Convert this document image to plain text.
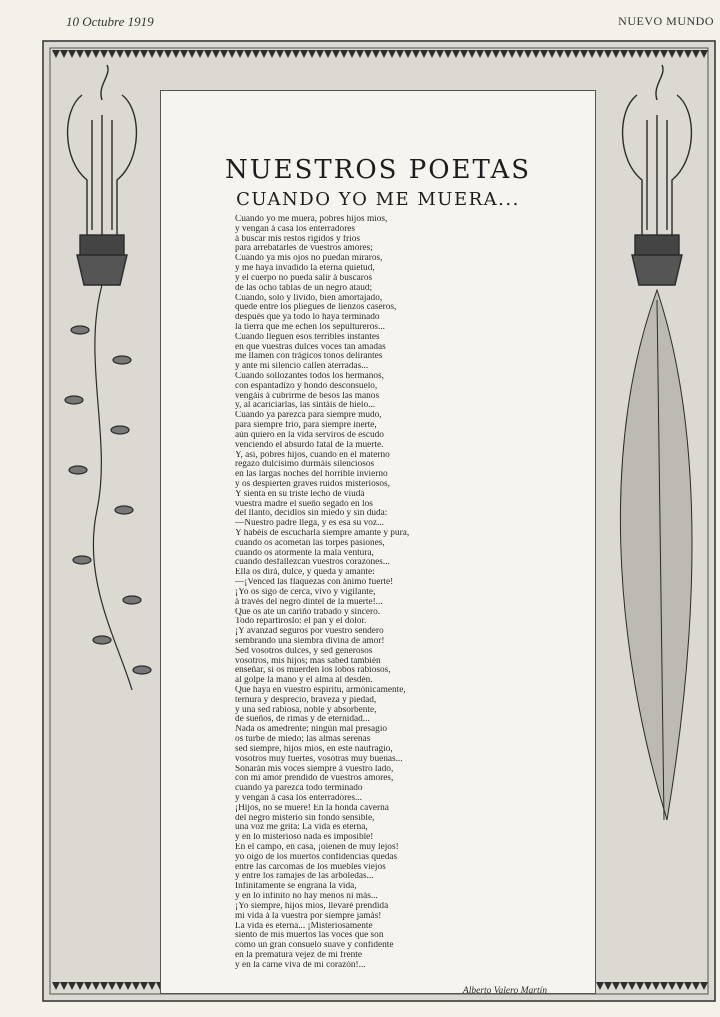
10 Octubre 1919	NUEVO MUNDO
NUESTROS POETAS
CUANDO YO ME MUERA...
Cuando yo me muera, pobres hijos míos,
y vengan á casa los enterradores
á buscar mis restos rígidos y fríos
para arrebatarles de vuestros amores;
Cuando ya mis ojos no puedan miraros,
y me haya invadido la eterna quietud,
y el cuerpo no pueda salir á buscaros
de las ocho tablas de un negro ataud;
Cuando, solo y lívido, bien amortajado,
quede entre los pliegues de lienzos caseros,
después que ya todo lo haya terminado
la tierra que me echen los sepultureros...
Cuando lleguen esos terribles instantes
en que vuestras dulces voces tan amadas
me llamen con trágicos tonos delirantes
y ante mi silencio callen aterradas...
Cuando sollozantes todos los hermanos,
con espantadizo y hondo desconsuelo,
vengáis á cubrirme de besos las manos
y, al acariciarlas, las sintáis de hielo...
Cuando ya parezca para siempre mudo,
para siempre frío, para siempre inerte,
aún quiero en la vida serviros de escudo
venciendo el absurdo fatal de la muerte.
Y, así, pobres hijos, cuando en el materno
regazo dulcísimo durmáis silenciosos
en las largas noches del horrible invierno
y os despierten graves ruidos misteriosos,
Y sienta en su triste lecho de viuda
vuestra madre el sueño segado en los
del llanto, decidlos sin miedo y sin duda:
—Nuestro padre llega, y es esa su voz...
Y habéis de escucharla siempre amante y pura,
cuando os acometan las torpes pasiones,
cuando os atormente la mala ventura,
cuando desfallezcan vuestros corazones...
Ella os dirá, dulce, y queda y amante:
—¡Venced las flaquezas con ánimo fuerte!
¡Yo os sigo de cerca, vivo y vigilante,
á través del negro dintel de la muerte!...
Que os ate un cariño trabado y sincero.
Todo repartíroslo: el pan y el dolor.
¡Y avanzad seguros por vuestro sendero
sembrando una siembra divina de amor!
Sed vosotros dulces, y sed generosos
vosotros, mis hijos; mas sabed también
enseñar, si os muerden los lobos rabiosos,
al golpe la mano y el alma al desdén.
Que haya en vuestro espíritu, armónicamente,
ternura y desprecio, braveza y piedad,
y una sed rabiosa, noble y absorbente,
de sueños, de rimas y de eternidad...
Nada os amedrente; ningún mal presagio
os turbe de miedo; las almas serenas
sed siempre, hijos míos, en este naufragio,
vosotros muy fuertes, vosotras muy buenas...
Sonarán mis voces siempre á vuestro lado,
con mi amor prendido de vuestros amores,
cuando ya parezca todo terminado
y vengan á casa los enterradores...
¡Hijos, no se muere! En la honda caverna
del negro misterio sin fondo sensible,
una voz me grita: La vida es eterna,
y en lo misterioso nada es imposible!
En el campo, en casa, ¡oíenen de muy lejos!
yo oigo de los muertos confidencias quedas
entre las carcomas de los muebles viejos
y entre los ramajes de las arboledas...
Infinitamente se engrana la vida,
y en lo infinito no hay menos ni más...
¡Yo siempre, hijos míos, llevaré prendida
mi vida á la vuestra por siempre jamás!
La vida es eterna... ¡Misteriosamente
siento de mis muertos las voces que son
como un gran consuelo suave y confidente
en la prematura vejez de mi frente
y en la carne viva de mi corazón!...
Alberto Valero Martín
